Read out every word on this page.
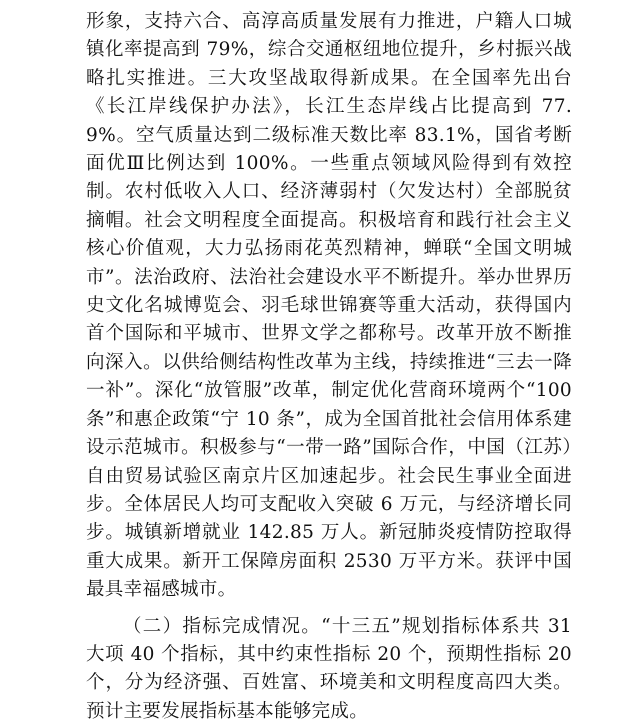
形象，支持六合、高淳高质量发展有力推进，户籍人口城镇化率提高到 79%，综合交通枢纽地位提升，乡村振兴战略扎实推进。三大攻坚战取得新成果。在全国率先出台《长江岸线保护办法》，长江生态岸线占比提高到 77.9%。空气质量达到二级标准天数比率 83.1%，国省考断面优Ⅲ比例达到 100%。一些重点领域风险得到有效控制。农村低收入人口、经济薄弱村（欠发达村）全部脱贫摘帽。社会文明程度全面提高。积极培育和践行社会主义核心价值观，大力弘扬雨花英烈精神，蝉联“全国文明城市”。法治政府、法治社会建设水平不断提升。举办世界历史文化名城博览会、羽毛球世锦赛等重大活动，获得国内首个国际和平城市、世界文学之都称号。改革开放不断推向深入。以供给侧结构性改革为主线，持续推进“三去一降一补”。深化“放管服”改革，制定优化营商环境两个“100 条”和惠企政策“宁 10 条”，成为全国首批社会信用体系建设示范城市。积极参与“一带一路”国际合作，中国（江苏）自由贸易试验区南京片区加速起步。社会民生事业全面进步。全体居民人均可支配收入突破 6 万元，与经济增长同步。城镇新增就业 142.85 万人。新冠肺炎疫情防控取得重大成果。新开工保障房面积 2530 万平方米。获评中国最具幸福感城市。

（二）指标完成情况。“十三五”规划指标体系共 31 大项 40 个指标，其中约束性指标 20 个，预期性指标 20 个，分为经济强、百姓富、环境美和文明程度高四大类。预计主要发展指标基本能够完成。
